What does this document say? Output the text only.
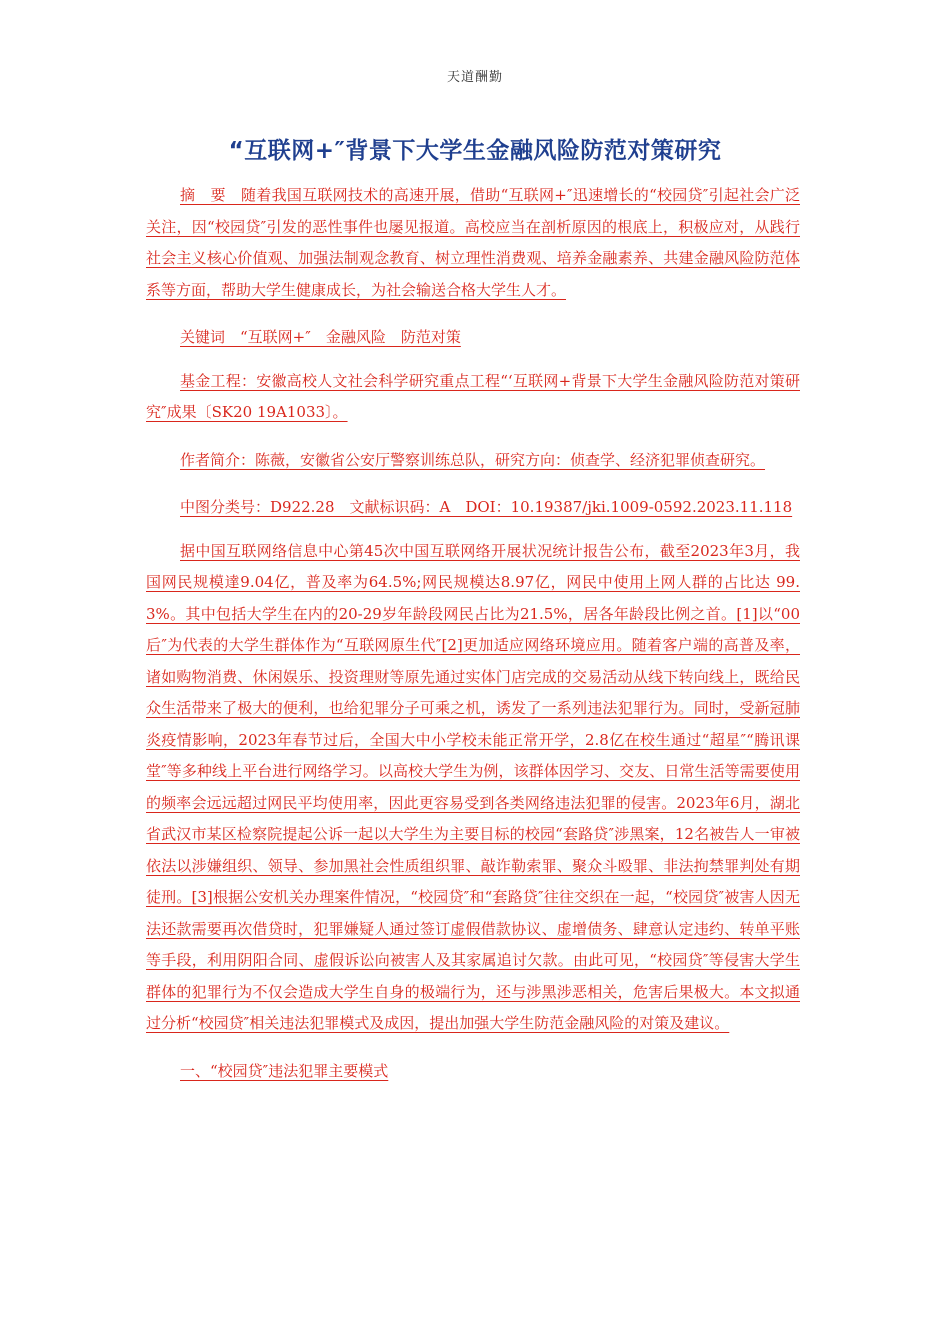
天道酬勤
“互联网+″背景下大学生金融风险防范对策研究

摘　要　随着我国互联网技术的高速开展，借助“互联网+″迅速增长的“校园贷″引起社会广泛关注，因“校园贷″引发的恶性事件也屡见报道。高校应当在剖析原因的根底上，积极应对，从践行社会主义核心价值观、加强法制观念教育、树立理性消费观、培养金融素养、共建金融风险防范体系等方面，帮助大学生健康成长，为社会输送合格大学生人才。

关键词　“互联网+″　金融风险　防范对策

基金工程：安徽高校人文社会科学研究重点工程“‘互联网+背景下大学生金融风险防范对策研究″成果〔SK20 19A1033〕。

作者简介：陈薇，安徽省公安厅警察训练总队，研究方向：侦查学、经济犯罪侦查研究。

中图分类号：D922.28　文献标识码：A　DOI：10.19387/jki.1009-0592.2023.11.118

据中国互联网络信息中心第45次中国互联网络开展状况统计报告公布，截至2023年3月，我国网民规模達9.04亿，普及率为64.5%;网民规模达8.97亿，网民中使用上网人群的占比达 99.3%。其中包括大学生在内的20-29岁年龄段网民占比为21.5%，居各年龄段比例之首。[1]以“00后″为代表的大学生群体作为“互联网原生代″[2]更加适应网络环境应用。随着客户端的高普及率，诸如购物消费、休闲娱乐、投资理财等原先通过实体门店完成的交易活动从线下转向线上，既给民众生活带来了极大的便利，也给犯罪分子可乘之机，诱发了一系列违法犯罪行为。同时，受新冠肺炎疫情影响，2023年春节过后，全国大中小学校未能正常开学，2.8亿在校生通过“超星″“腾讯课堂″等多种线上平台进行网络学习。以高校大学生为例，该群体因学习、交友、日常生活等需要使用的频率会远远超过网民平均使用率，因此更容易受到各类网络违法犯罪的侵害。2023年6月，湖北省武汉市某区检察院提起公诉一起以大学生为主要目标的校园“套路贷″涉黑案，12名被告人一审被依法以涉嫌组织、领导、参加黑社会性质组织罪、敲诈勒索罪、聚众斗殴罪、非法拘禁罪判处有期徒刑。[3]根据公安机关办理案件情况，“校园贷″和“套路贷″往往交织在一起，“校园贷″被害人因无法还款需要再次借贷时，犯罪嫌疑人通过签订虚假借款协议、虚增债务、肆意认定违约、转单平账等手段，利用阴阳合同、虚假诉讼向被害人及其家属追讨欠款。由此可见，“校园贷″等侵害大学生群体的犯罪行为不仅会造成大学生自身的极端行为，还与涉黑涉恶相关，危害后果极大。本文拟通过分析“校园贷″相关违法犯罪模式及成因，提出加强大学生防范金融风险的对策及建议。

一、“校园贷″违法犯罪主要模式
